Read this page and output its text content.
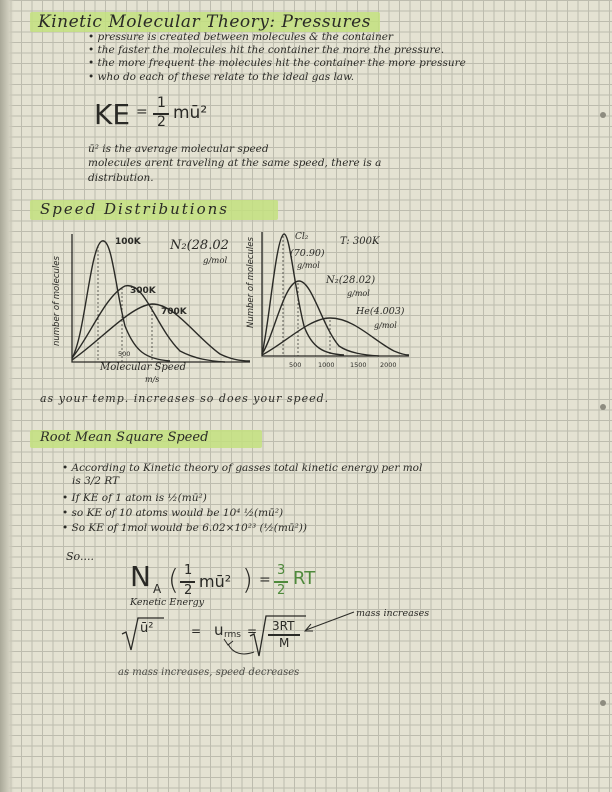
Kinetic Molecular Theory: Pressures
• pressure is created between molecules & the container
• the faster the molecules hit the container the more the pressure.
• the more frequent the molecules hit the container the more pressure
• who do each of these relate to the ideal gas law.
KE =
1
2 mū²
ū² is the average molecular speed
molecules arent traveling at the same speed, there is a
distribution.
Speed Distributions
number of molecules
100K
300K
700K
N₂(28.02
g/mol
500
Molecular Speed
m/s
Number of molecules
Cl₂
(70.90)
g/mol
N₂(28.02)
g/mol
He(4.003)
g/mol
T: 300K
500	1000 1500 2000
as your temp. increases so does your speed.
Root Mean Square Speed
• According to Kinetic theory of gasses total kinetic energy per mol
is 3/2 RT
• If KE of 1 atom is ½(mū²)
• so KE of 10 atoms would be 10⁴ ½(mū²)
• So KE of 1mol would be 6.02×10²³ (½(mū²))
So....
N A ( 1
2 mū² ) =
3
2
RT
Kenetic Energy
ū²	= u rms = 3RT
M
mass increases
as mass increases, speed decreases
